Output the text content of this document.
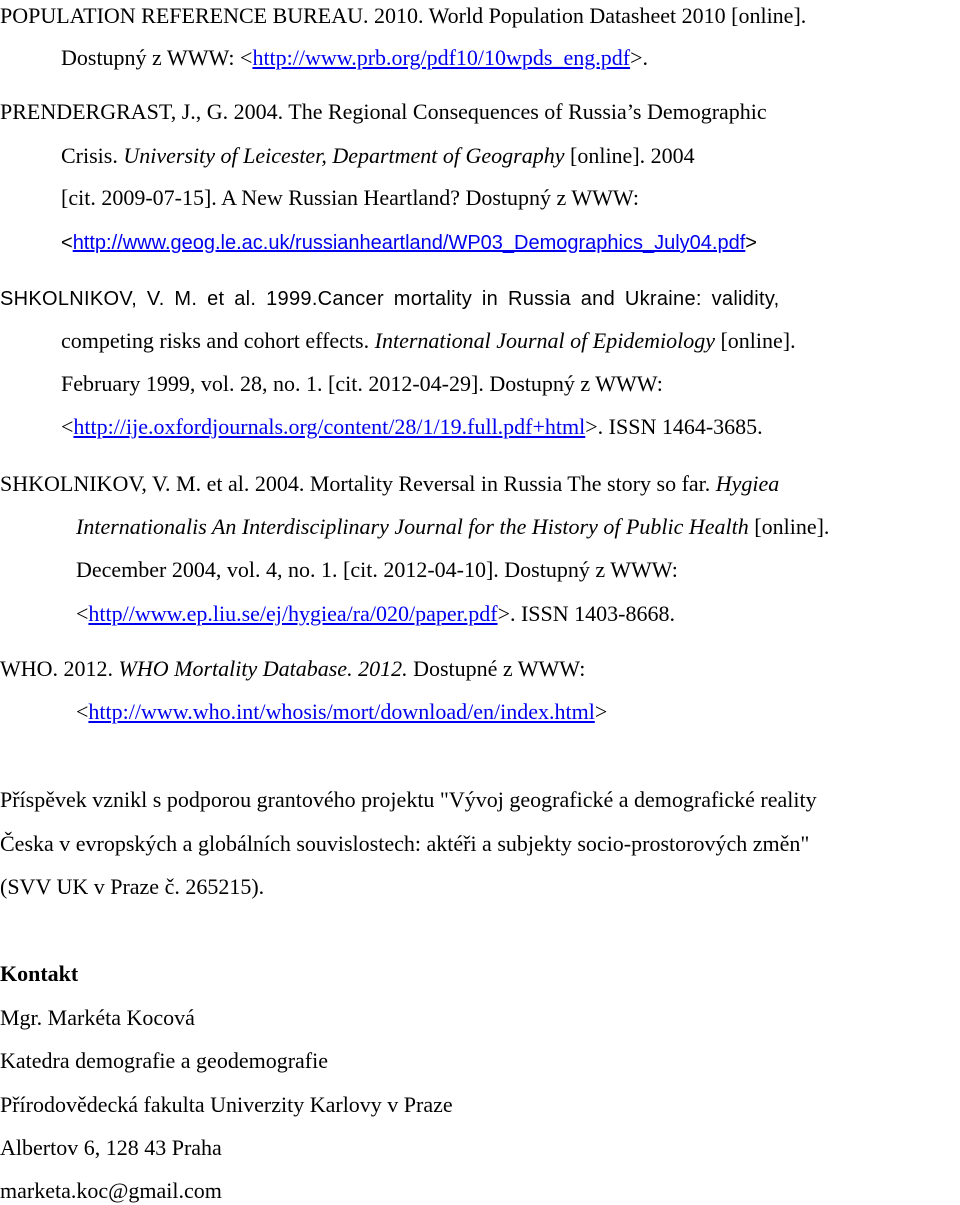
POPULATION REFERENCE BUREAU. 2010. World Population Datasheet 2010 [online].
Dostupný z WWW: <http://www.prb.org/pdf10/10wpds_eng.pdf>.
PRENDERGRAST, J., G. 2004. The Regional Consequences of Russia’s Demographic
Crisis. University of Leicester, Department of Geography [online]. 2004
[cit. 2009-07-15]. A New Russian Heartland? Dostupný z WWW:
<http://www.geog.le.ac.uk/russianheartland/WP03_Demographics_July04.pdf>
SHKOLNIKOV, V. M. et al. 1999.Cancer mortality in Russia and Ukraine: validity,
competing risks and cohort effects. International Journal of Epidemiology [online].
February 1999, vol. 28, no. 1. [cit. 2012-04-29]. Dostupný z WWW:
<http://ije.oxfordjournals.org/content/28/1/19.full.pdf+html>. ISSN 1464-3685.
SHKOLNIKOV, V. M. et al. 2004. Mortality Reversal in Russia The story so far. Hygiea
Internationalis An Interdisciplinary Journal for the History of Public Health [online].
December 2004, vol. 4, no. 1. [cit. 2012-04-10]. Dostupný z WWW:
<http//www.ep.liu.se/ej/hygiea/ra/020/paper.pdf>. ISSN 1403-8668.
WHO. 2012. WHO Mortality Database. 2012. Dostupné z WWW:
<http://www.who.int/whosis/mort/download/en/index.html>
Příspěvek vznikl s podporou grantového projektu "Vývoj geografické a demografické reality
Česka v evropských a globálních souvislostech: aktéři a subjekty socio-prostorových změn"
(SVV UK v Praze č. 265215).
Kontakt
Mgr. Markéta Kocová
Katedra demografie a geodemografie
Přírodovědecká fakulta Univerzity Karlovy v Praze
Albertov 6, 128 43 Praha
marketa.koc@gmail.com
